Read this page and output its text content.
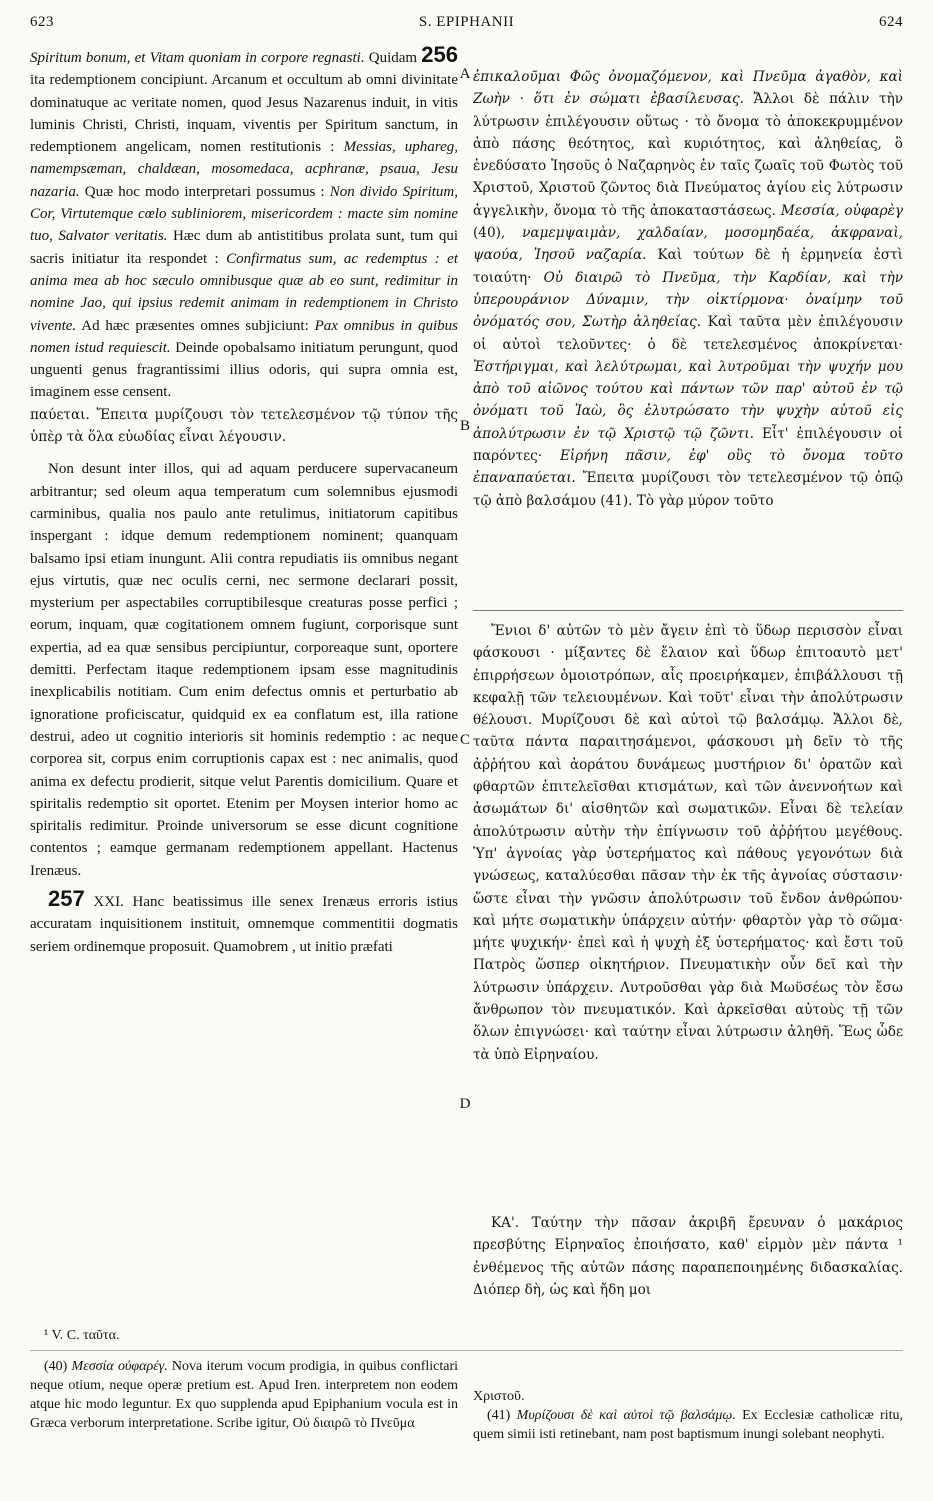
623	S. EPIPHANII	624

Spiritum bonum, et Vitam quoniam in corpore regnasti. Quidam 256 ita redemptionem concipiunt. Arcanum et occultum ab omni divinitate dominatuque ac veritate nomen, quod Jesus Nazarenus induit, in vitis luminis Christi, Christi, inquam, viventis per Spiritum sanctum, in redemptionem angelicam, nomen restitutionis : Messias, uphareg, namempsæman, chaldæan, mosomedaca, acphranæ, psaua, Jesu nazaria. Quæ hoc modo interpretari possumus : Non divido Spiritum, Cor, Virtutemque cœlo subliniorem, misericordem : macte sim nomine tuo, Salvator veritatis. Hæc dum ab antistitibus prolata sunt, tum qui sacris initiatur ita respondet : Confirmatus sum, ac redemptus : et anima mea ab hoc sæculo omnibusque quæ ab eo sunt, redimitur in nomine Jao, qui ipsius redemit animam in redemptionem in Christo vivente. Ad hæc præsentes omnes subjiciunt: Pax omnibus in quibus nomen istud requiescit. Deinde opobalsamo initiatum perungunt, quod unguenti genus fragrantissimi illius odoris, qui supra omnia est, imaginem esse censent.

παύεται. Ἔπειτα μυρίζουσι τὸν τετελεσμένον τῷ τύπον τῆς ὑπὲρ τὰ ὅλα εὐωδίας εἶναι λέγουσιν.

Non desunt inter illos, qui ad aquam perducere supervacaneum arbitrantur; sed oleum aqua temperatum cum solemnibus ejusmodi carminibus, qualia nos paulo ante retulimus, initiatorum capitibus inspergant : idque demum redemptionem nominent; quanquam balsamo ipsi etiam inungunt. Alii contra repudiatis iis omnibus negant ejus virtutis, quæ nec oculis cerni, nec sermone declarari possit, mysterium per aspectabiles corruptibilesque creaturas posse perfici ; eorum, inquam, quæ cogitationem omnem fugiunt, corporisque sunt expertia, ad ea quæ sensibus percipiuntur, corporeaque sunt, oportere demitti. Perfectam itaque redemptionem ipsam esse magnitudinis inexplicabilis notitiam. Cum enim defectus omnis et perturbatio ab ignoratione proficiscatur, quidquid ex ea conflatum est, illa ratione destrui, adeo ut cognitio interioris sit hominis redemptio : ac neque corporea sit, corpus enim corruptionis capax est : nec animalis, quod anima ex defectu prodierit, sitque velut Parentis domicilium. Quare et spiritalis redemptio sit oportet. Etenim per Moysen interior homo ac spiritalis redimitur. Proinde universorum se esse dicunt cognitione contentos ; eamque germanam redemptionem appellant. Hactenus Irenæus.

257 XXI. Hanc beatissimus ille senex Irenæus erroris istius accuratam inquisitionem instituit, omnemque commentitii dogmatis seriem ordinemque proposuit. Quamobrem , ut initio præfati

A
B
C
D

ἐπικαλοῦμαι Φῶς ὀνομαζόμενον, καὶ Πνεῦμα ἀγαθὸν, καὶ Ζωὴν · ὅτι ἐν σώματι ἐβασίλευσας. Ἄλλοι δὲ πάλιν τὴν λύτρωσιν ἐπιλέγουσιν οὕτως · τὸ ὄνομα τὸ ἀποκεκρυμμένον ἀπὸ πάσης θεότητος, καὶ κυριότητος, καὶ ἀληθείας, ὃ ἐνεδύσατο Ἰησοῦς ὁ Ναζαρηνὸς ἐν ταῖς ζωαῖς τοῦ Φωτὸς τοῦ Χριστοῦ, Χριστοῦ ζῶντος διὰ Πνεύματος ἁγίου εἰς λύτρωσιν ἀγγελικὴν, ὄνομα τὸ τῆς ἀποκαταστάσεως. Μεσσία, οὐφαρὲγ (40), ναμεμψαιμὰν, χαλδαίαν, μοσομηδαέα, ἀκφραναὶ, ψαούα, Ἰησοῦ ναζαρία. Καὶ τούτων δὲ ἡ ἑρμηνεία ἐστὶ τοιαύτη· Οὐ διαιρῶ τὸ Πνεῦμα, τὴν Καρδίαν, καὶ τὴν ὑπερουράνιον Δύναμιν, τὴν οἰκτίρμονα· ὀναίμην τοῦ ὀνόματός σου, Σωτὴρ ἀληθείας. Καὶ ταῦτα μὲν ἐπιλέγουσιν οἱ αὐτοὶ τελοῦντες· ὁ δὲ τετελεσμένος ἀποκρίνεται· Ἐστήριγμαι, καὶ λελύτρωμαι, καὶ λυτροῦμαι τὴν ψυχήν μου ἀπὸ τοῦ αἰῶνος τούτου καὶ πάντων τῶν παρ' αὐτοῦ ἐν τῷ ὀνόματι τοῦ Ἰαὼ, ὃς ἐλυτρώσατο τὴν ψυχὴν αὐτοῦ εἰς ἀπολύτρωσιν ἐν τῷ Χριστῷ τῷ ζῶντι. Εἶτ' ἐπιλέγουσιν οἱ παρόντες· Εἰρήνη πᾶσιν, ἐφ' οὓς τὸ ὄνομα τοῦτο ἐπαναπαύεται. Ἔπειτα μυρίζουσι τὸν τετελεσμένον τῷ ὀπῷ τῷ ἀπὸ βαλσάμου (41). Τὸ γὰρ μύρον τοῦτο

Ἔνιοι δ' αὐτῶν τὸ μὲν ἄγειν ἐπὶ τὸ ὕδωρ περισσὸν εἶναι φάσκουσι · μίξαντες δὲ ἔλαιον καὶ ὕδωρ ἐπιτοαυτὸ μετ' ἐπιρρήσεων ὁμοιοτρόπων, αἷς προειρήκαμεν, ἐπιβάλλουσι τῇ κεφαλῇ τῶν τελειουμένων. Καὶ τοῦτ' εἶναι τὴν ἀπολύτρωσιν θέλουσι. Μυρίζουσι δὲ καὶ αὐτοὶ τῷ βαλσάμῳ. Ἄλλοι δὲ, ταῦτα πάντα παραιτησάμενοι, φάσκουσι μὴ δεῖν τὸ τῆς ἀῤῥήτου καὶ ἀοράτου δυνάμεως μυστήριον δι' ὁρατῶν καὶ φθαρτῶν ἐπιτελεῖσθαι κτισμάτων, καὶ τῶν ἀνεννοήτων καὶ ἀσωμάτων δι' αἰσθητῶν καὶ σωματικῶν. Εἶναι δὲ τελείαν ἀπολύτρωσιν αὐτὴν τὴν ἐπίγνωσιν τοῦ ἀῤῥήτου μεγέθους. Ὑπ' ἀγνοίας γὰρ ὑστερήματος καὶ πάθους γεγονότων διὰ γνώσεως, καταλύεσθαι πᾶσαν τὴν ἐκ τῆς ἀγνοίας σύστασιν· ὥστε εἶναι τὴν γνῶσιν ἀπολύτρωσιν τοῦ ἔνδον ἀνθρώπου· καὶ μήτε σωματικὴν ὑπάρχειν αὐτήν· φθαρτὸν γὰρ τὸ σῶμα· μήτε ψυχικήν· ἐπεὶ καὶ ἡ ψυχὴ ἐξ ὑστερήματος· καὶ ἔστι τοῦ Πατρὸς ὥσπερ οἰκητήριον. Πνευματικὴν οὖν δεῖ καὶ τὴν λύτρωσιν ὑπάρχειν. Λυτροῦσθαι γὰρ διὰ Μωϋσέως τὸν ἔσω ἄνθρωπον τὸν πνευματικόν. Καὶ ἀρκεῖσθαι αὐτοὺς τῇ τῶν ὅλων ἐπιγνώσει· καὶ ταύτην εἶναι λύτρωσιν ἀληθῆ. Ἕως ὧδε τὰ ὑπὸ Εἰρηναίου.

ΚΑ'. Ταύτην τὴν πᾶσαν ἀκριβῆ ἔρευναν ὁ μακάριος πρεσβύτης Εἰρηναῖος ἐποιήσατο, καθ' εἱρμὸν μὲν πάντα ¹ ἐνθέμενος τῆς αὐτῶν πάσης παραπεποιημένης διδασκαλίας. Διόπερ δὴ, ὡς καὶ ἤδη μοι

¹ V. C. ταῦτα.

(40) Μεσσία οὐφαρέγ. Nova iterum vocum prodigia, in quibus conflictari neque otium, neque operæ pretium est. Apud Iren. interpretem non eodem atque hic modo leguntur. Ex quo supplenda apud Epiphanium vocula est in Græca verborum interpretatione. Scribe igitur, Οὐ διαιρῶ τὸ Πνεῦμα

Χριστοῦ.

(41) Μυρίζουσι δὲ καὶ αὐτοὶ τῷ βαλσάμῳ. Ex Ecclesiæ catholicæ ritu, quem simii isti retinebant, nam post baptismum inungi solebant neophyti.
